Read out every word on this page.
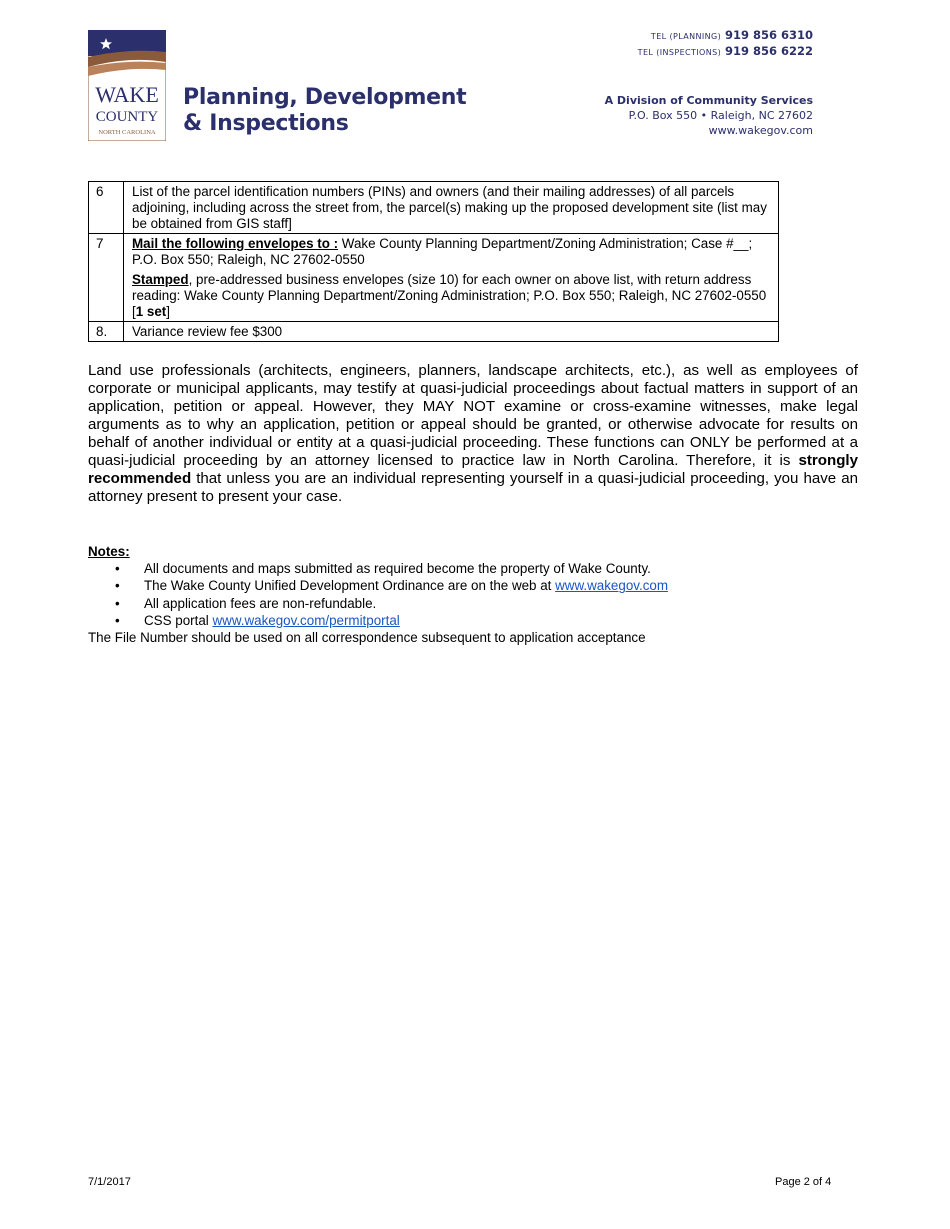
WAKE
COUNTY
NORTH CAROLINA
Planning, Development
& Inspections
TEL (PLANNING) 919 856 6310
TEL (INSPECTIONS) 919 856 6222
A Division of Community Services
P.O. Box 550 • Raleigh, NC 27602
www.wakegov.com
6	List of the parcel identification numbers (PINs) and owners (and their mailing addresses) of all parcels adjoining, including across the street from, the parcel(s) making up the proposed development site (list may be obtained from GIS staff]
7	Mail the following envelopes to : Wake County Planning Department/Zoning Administration; Case #__; P.O. Box 550; Raleigh, NC 27602-0550
Stamped, pre-addressed business envelopes (size 10) for each owner on above list, with return address reading: Wake County Planning Department/Zoning Administration; P.O. Box 550; Raleigh, NC 27602-0550 [1 set]

8.	Variance review fee $300

Land use professionals (architects, engineers, planners, landscape architects, etc.), as well as employees of corporate or municipal applicants, may testify at quasi-judicial proceedings about factual matters in support of an application, petition or appeal. However, they MAY NOT examine or cross-examine witnesses, make legal arguments as to why an application, petition or appeal should be granted, or otherwise advocate for results on behalf of another individual or entity at a quasi-judicial proceeding. These functions can ONLY be performed at a quasi-judicial proceeding by an attorney licensed to practice law in North Carolina. Therefore, it is strongly recommended that unless you are an individual representing yourself in a quasi-judicial proceeding, you have an attorney present to present your case.

Notes:
• All documents and maps submitted as required become the property of Wake County.
• The Wake County Unified Development Ordinance are on the web at www.wakegov.com
• All application fees are non-refundable.
• CSS portal www.wakegov.com/permitportal
The File Number should be used on all correspondence subsequent to application acceptance
7/1/2017	Page 2 of 4
